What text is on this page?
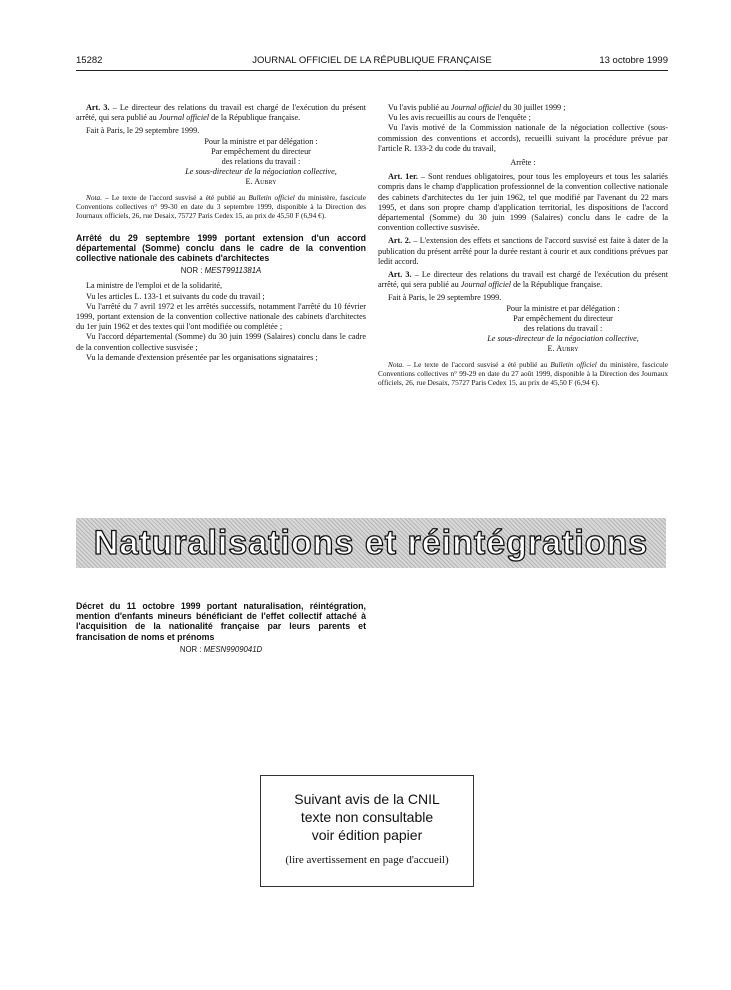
15282	JOURNAL OFFICIEL DE LA RÉPUBLIQUE FRANÇAISE	13 octobre 1999

Art. 3. – Le directeur des relations du travail est chargé de l'exécution du présent arrêté, qui sera publié au Journal officiel de la République française.

Fait à Paris, le 29 septembre 1999.

Pour la ministre et par délégation :
Par empêchement du directeur
des relations du travail :
Le sous-directeur de la négociation collective,
E. Aubry

Nota. – Le texte de l'accord susvisé a été publié au Bulletin officiel du ministère, fascicule Conventions collectives n° 99-30 en date du 3 septembre 1999, disponible à la Direction des Journaux officiels, 26, rue Desaix, 75727 Paris Cedex 15, au prix de 45,50 F (6,94 €).

Arrêté du 29 septembre 1999 portant extension d'un accord départemental (Somme) conclu dans le cadre de la convention collective nationale des cabinets d'architectes
NOR : MEST9911381A

La ministre de l'emploi et de la solidarité,

Vu les articles L. 133-1 et suivants du code du travail ;

Vu l'arrêté du 7 avril 1972 et les arrêtés successifs, notamment l'arrêté du 10 février 1999, portant extension de la convention collective nationale des cabinets d'architectes du 1er juin 1962 et des textes qui l'ont modifiée ou complétée ;

Vu l'accord départemental (Somme) du 30 juin 1999 (Salaires) conclu dans le cadre de la convention collective susvisée ;

Vu la demande d'extension présentée par les organisations signataires ;

Vu l'avis publié au Journal officiel du 30 juillet 1999 ;

Vu les avis recueillis au cours de l'enquête ;

Vu l'avis motivé de la Commission nationale de la négociation collective (sous-commission des conventions et accords), recueilli suivant la procédure prévue par l'article R. 133-2 du code du travail,

Arrête :

Art. 1er. – Sont rendues obligatoires, pour tous les employeurs et tous les salariés compris dans le champ d'application professionnel de la convention collective nationale des cabinets d'architectes du 1er juin 1962, tel que modifié par l'avenant du 22 mars 1995, et dans son propre champ d'application territorial, les dispositions de l'accord départemental (Somme) du 30 juin 1999 (Salaires) conclu dans le cadre de la convention collective susvisée.

Art. 2. – L'extension des effets et sanctions de l'accord susvisé est faite à dater de la publication du présent arrêté pour la durée restant à courir et aux conditions prévues par ledit accord.

Art. 3. – Le directeur des relations du travail est chargé de l'exécution du présent arrêté, qui sera publié au Journal officiel de la République française.

Fait à Paris, le 29 septembre 1999.

Pour la ministre et par délégation :
Par empêchement du directeur
des relations du travail :
Le sous-directeur de la négociation collective,
E. Aubry

Nota. – Le texte de l'accord susvisé a été publié au Bulletin officiel du ministère, fascicule Conventions collectives n° 99-29 en date du 27 août 1999, disponible à la Direction des Journaux officiels, 26, rue Desaix, 75727 Paris Cedex 15, au prix de 45,50 F (6,94 €).

Naturalisations et réintégrations
Décret du 11 octobre 1999 portant naturalisation, réintégration, mention d'enfants mineurs bénéficiant de l'effet collectif attaché à l'acquisition de la nationalité française par leurs parents et francisation de noms et prénoms
NOR : MESN9909041D
Suivant avis de la CNIL
texte non consultable
voir édition papier
(lire avertissement en page d'accueil)
